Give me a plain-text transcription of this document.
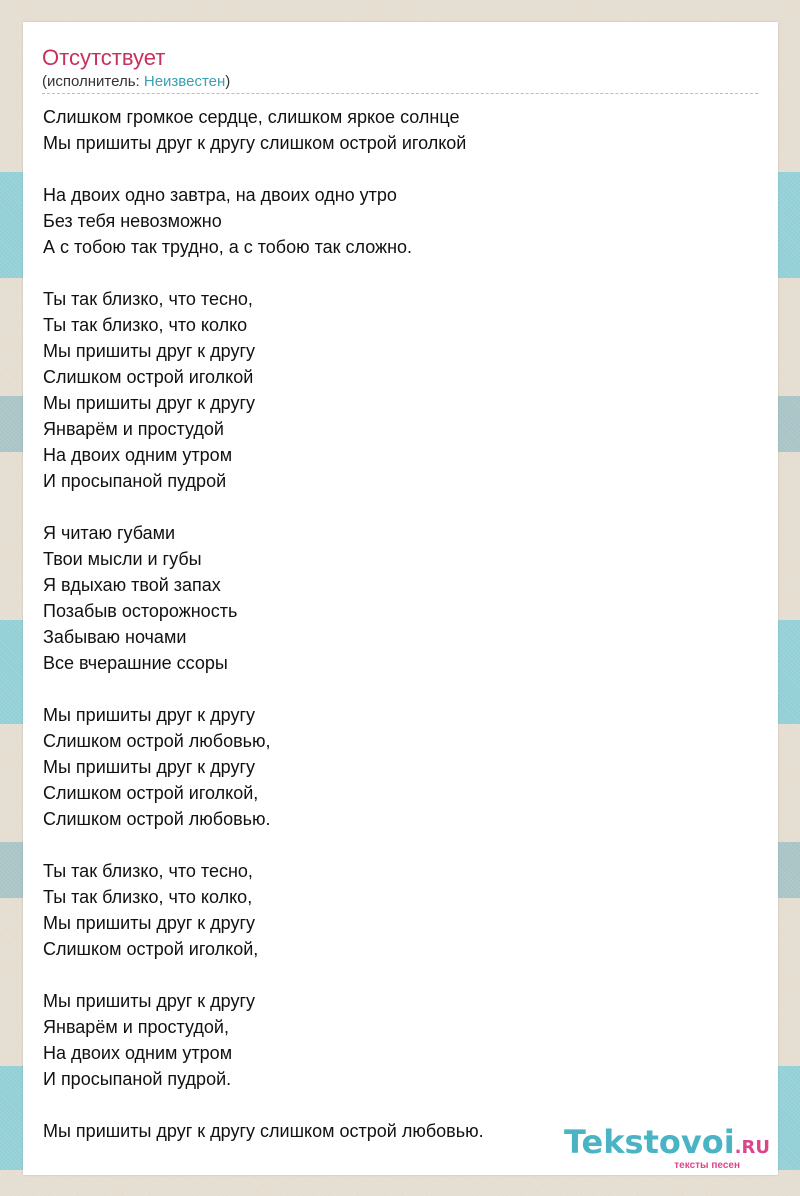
Отсутствует
(исполнитель: Неизвестен)
Слишком громкое сердце, слишком яркое солнце
Мы пришиты друг к другу слишком острой иголкой
На двоих одно завтра, на двоих одно утро
Без тебя невозможно
А с тобою так трудно, а с тобою так сложно.
Ты так близко, что тесно,
Ты так близко, что колко
Мы пришиты друг к другу
Слишком острой иголкой
Мы пришиты друг к другу
Январём и простудой
На двоих одним утром
И просыпаной пудрой
Я читаю губами
Твои мысли и губы
Я вдыхаю твой запах
Позабыв осторожность
Забываю ночами
Все вчерашние ссоры
Мы пришиты друг к другу
Слишком острой любовью,
Мы пришиты друг к другу
Слишком острой иголкой,
Слишком острой любовью.
Ты так близко, что тесно,
Ты так близко, что колко,
Мы пришиты друг к другу
Слишком острой иголкой,
Мы пришиты друг к другу
Январём и простудой,
На двоих одним утром
И просыпаной пудрой.
Мы пришиты друг к другу слишком острой любовью.	Tekstovoi.RU
тексты песен
